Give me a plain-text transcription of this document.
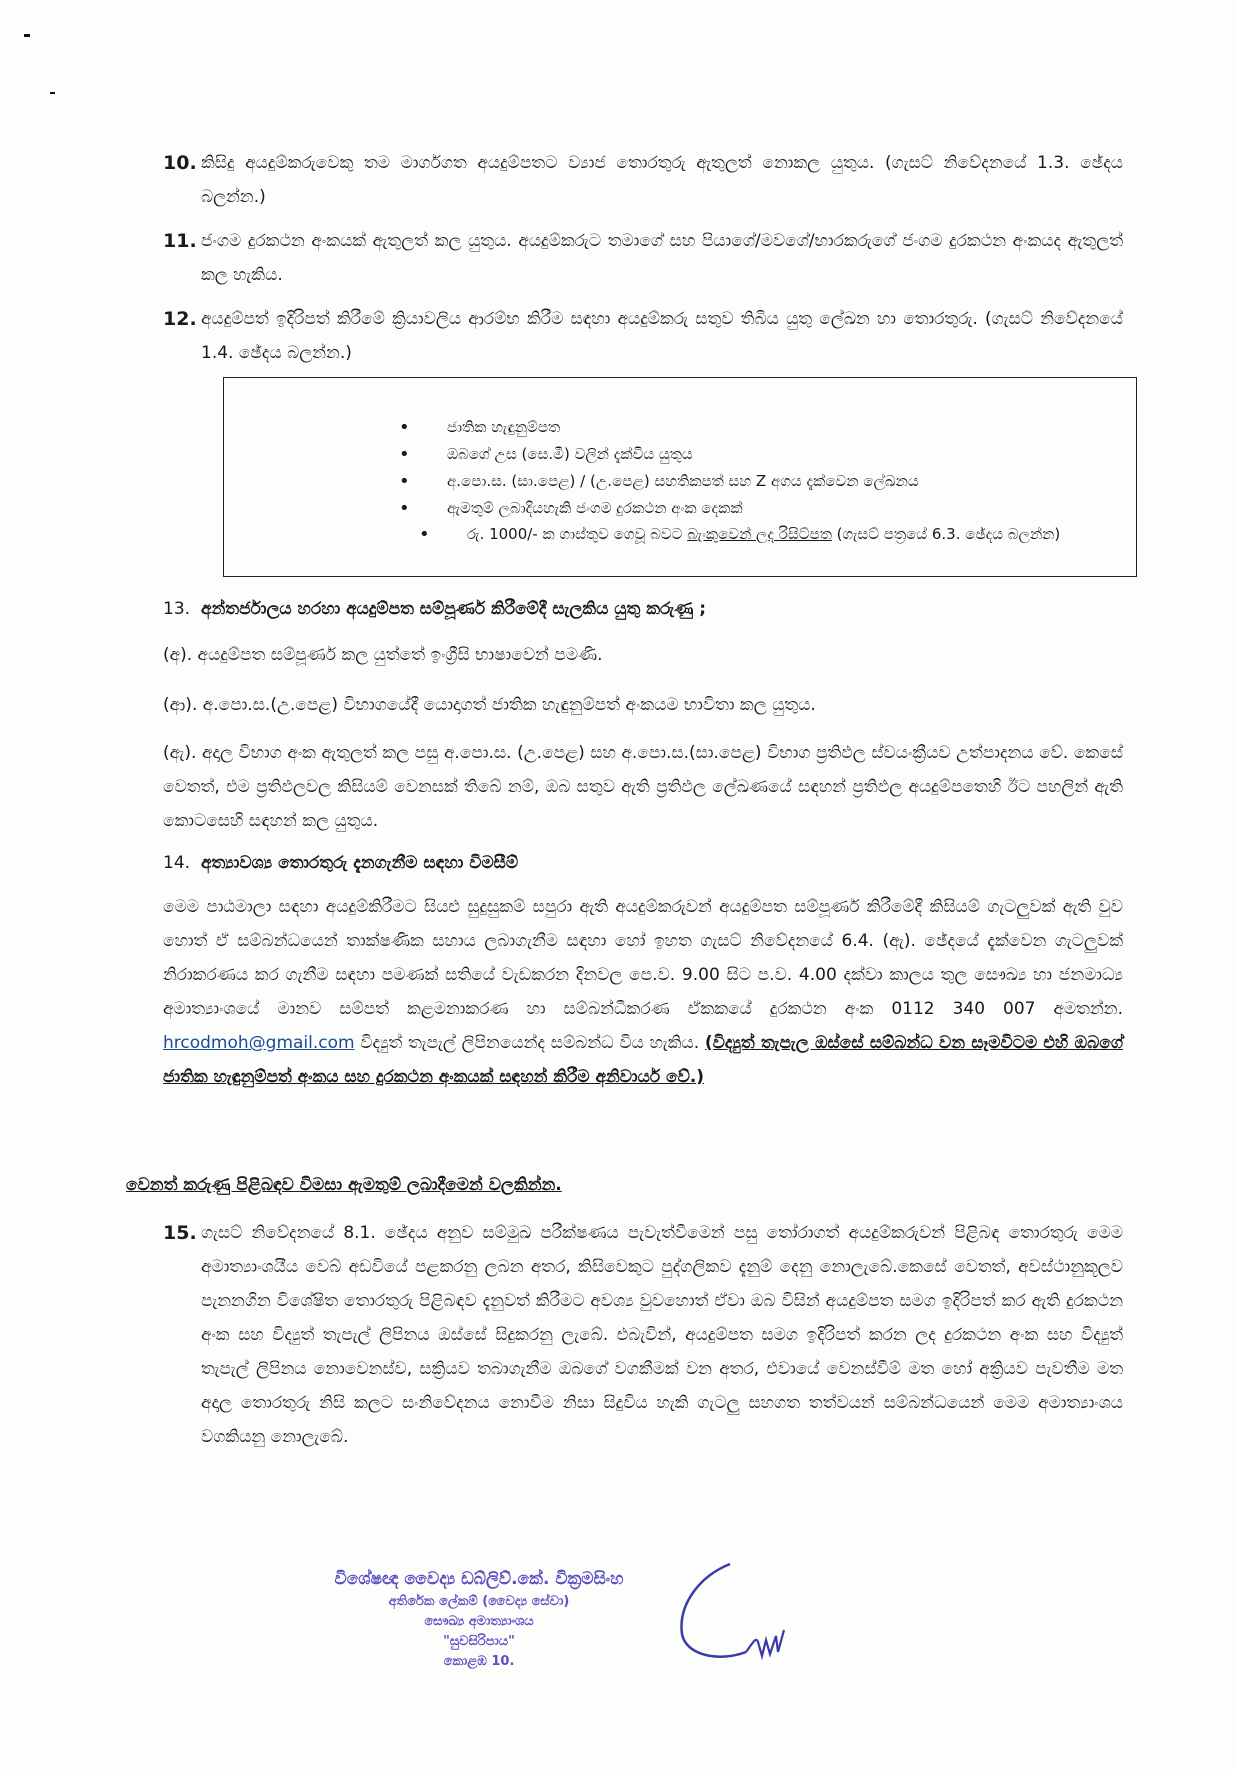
10. කිසිදු අයදුම්කරුවෙකු තම මාර්ගගත අයදුම්පතට ව්‍යාජ තොරතුරු ඇතුලත් නොකල යුතුය. (ගැසට් නිවේදනයේ 1.3. ඡේදය බලන්න.)
11. ජංගම දුරකථන අංකයක් ඇතුලත් කල යුතුය. අයදුම්කරුට තමාගේ සහ පියාගේ/මවගේ/භාරකරුගේ ජංගම දුරකථන අංකයද ඇතුලත් කල හැකිය.
12. අයදුම්පත් ඉදිරිපත් කිරීමේ ක්‍රියාවලිය ආරම්භ කිරීම සඳහා අයදුම්කරු සතුව තිබිය යුතු ලේඛන හා තොරතුරු. (ගැසට් නිවේදනයේ 1.4. ඡේදය බලන්න.)
• ජාතික හැඳුනුම්පත
• ඔබගේ උස (සෙ.මී) වලින් දැක්විය යුතුය
• අ.පො.ස. (සා.පෙළ) / (උ.පෙළ) සහතිකපත් සහ Z අගය දැක්වෙන ලේඛනය
• ඇමතුම් ලබාදියහැකි ජංගම දුරකථන අංක දෙකක්
• රු. 1000/- ක ගාස්තුව ගෙවූ බවට බැංකුවෙන් ලද රිසිට්පත (ගැසට් පත්‍රයේ 6.3. ඡේදය බලන්න)
13. අන්තර්ජාලය හරහා අයදුම්පත සම්පූර්ණ කිරීමේදී සැලකිය යුතු කරුණු ;
(අ). අයදුම්පත සම්පූර්ණ කල යුත්තේ ඉංග්‍රීසි භාෂාවෙන් පමණි.
(ආ). අ.පො.ස.(උ.පෙළ) විභාගයේදී යොදාගත් ජාතික හැඳුනුම්පත් අංකයම භාවිතා කල යුතුය.
(ඇ). අදාල විභාග අංක ඇතුලත් කල පසු අ.පො.ස. (උ.පෙළ) සහ අ.පො.ස.(සා.පෙළ) විභාග ප්‍රතිඵල ස්වයංක්‍රීයව උත්පාදනය වේ. කෙසේ වෙතත්, එම ප්‍රතිඵලවල කිසියම් වෙනසක් තිබේ නම්, ඔබ සතුව ඇති ප්‍රතිඵල ලේඛණයේ සඳහන් ප්‍රතිඵල අයදුම්පතෙහි ඊට පහලින් ඇති කොටසෙහි සඳහන් කල යුතුය.
14. අත්‍යාවශ්‍ය තොරතුරු දැනගැනීම සඳහා විමසීම්
මෙම පාඨමාලා සඳහා අයදුම්කිරීමට සියළු සුදුසුකම් සපුරා ඇති අයදුම්කරුවන් අයදුම්පත සම්පූර්ණ කිරීමේදී කිසියම් ගැටලුවක් ඇති වුව හොත් ඒ සම්බන්ධයෙන් තාක්ෂණික සහාය ලබාගැනීම සඳහා හෝ ඉහත ගැසට් නිවේදනයේ 6.4. (ඇ). ඡේදයේ දැක්වෙන ගැටලුවක් නිරාකරණය කර ගැනීම සඳහා පමණක් සතියේ වැඩකරන දිනවල පෙ.ව. 9.00 සිට ප.ව. 4.00 දක්වා කාලය තුල සෞඛ්‍ය හා ජනමාධ්‍ය අමාත්‍යාංශයේ මානව සම්පත් කළමනාකරණ හා සම්බන්ධීකරණ ඒකකයේ දුරකථන අංක 0112 340 007 අමතන්න. hrcodmoh@gmail.com විද්‍යුත් තැපැල් ලිපිනයෙන්ද සම්බන්ධ විය හැකිය. (විද්‍යුත් තැපැල ඔස්සේ සම්බන්ධ වන සෑමවිටම එහි ඔබගේ ජාතික හැඳුනුම්පත් අංකය සහ දුරකථන අංකයක් සඳහන් කිරීම අනිවාර්ය වේ.)
වෙනත් කරුණු පිළිබඳව විමසා ඇමතුම් ලබාදීමෙන් වලකින්න.
15. ගැසට් නිවේදනයේ 8.1. ඡේදය අනුව සම්මුඛ පරීක්ෂණය පැවැත්වීමෙන් පසු තෝරාගත් අයදුම්කරුවන් පිළිබඳ තොරතුරු මෙම අමාත්‍යාංශයීය වෙබ් අඩවියේ පළකරනු ලබන අතර, කිසිවෙකුට පුද්ගලිකව දැනුම් දෙනු නොලැබේ.කෙසේ වෙතත්, අවස්ථානුකූලව පැනනගින විශේෂිත තොරතුරු පිළිබඳව දැනුවත් කිරීමට අවශ්‍ය වුවහොත් ඒවා ඔබ විසින් අයදුම්පත සමග ඉදිරිපත් කර ඇති දුරකථන අංක සහ විද්‍යුත් තැපැල් ලිපිනය ඔස්සේ සිදුකරනු ලැබේ. එබැවින්, අයදුම්පත සමග ඉදිරිපත් කරන ලද දුරකථන අංක සහ විද්‍යුත් තැපැල් ලිපිනය නොවෙනස්ව, සක්‍රියව තබාගැනීම ඔබගේ වගකීමක් වන අතර, එවායේ වෙනස්වීම් මත හෝ අක්‍රියව පැවතීම මත අදාල තොරතුරු නිසි කලට සංනිවේදනය නොවීම නිසා සිදුවිය හැකි ගැටලු සහගත තත්වයන් සම්බන්ධයෙන් මෙම අමාත්‍යාංශය වගකියනු නොලැබේ.
විශේෂඥ වෛද්‍ය ඩබ්ලිව්.කේ. වික්‍රමසිංහ
අතිරේක ලේකම් (වෛද්‍ය සේවා)
සෞඛ්‍ය අමාත්‍යාංශය
"සුවසිරිපාය"
කොළඹ 10.
